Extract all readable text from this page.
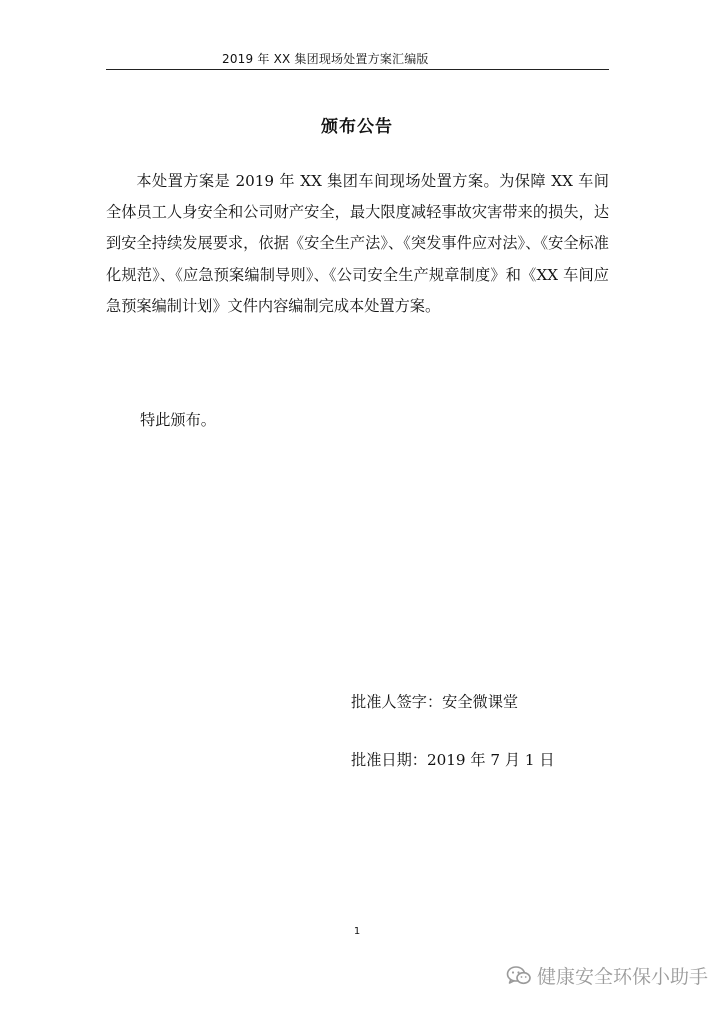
2019 年 XX 集团现场处置方案汇编版
颁布公告

本处置方案是 2019 年 XX 集团车间现场处置方案。为保障 XX 车间全体员工人身安全和公司财产安全，最大限度减轻事故灾害带来的损失，达到安全持续发展要求，依据《安全生产法》、《突发事件应对法》、《安全标准化规范》、《应急预案编制导则》、《公司安全生产规章制度》和《XX 车间应急预案编制计划》文件内容编制完成本处置方案。

特此颁布。
批准人签字：安全微课堂
批准日期：2019 年 7 月 1 日
1
健康安全环保小助手
